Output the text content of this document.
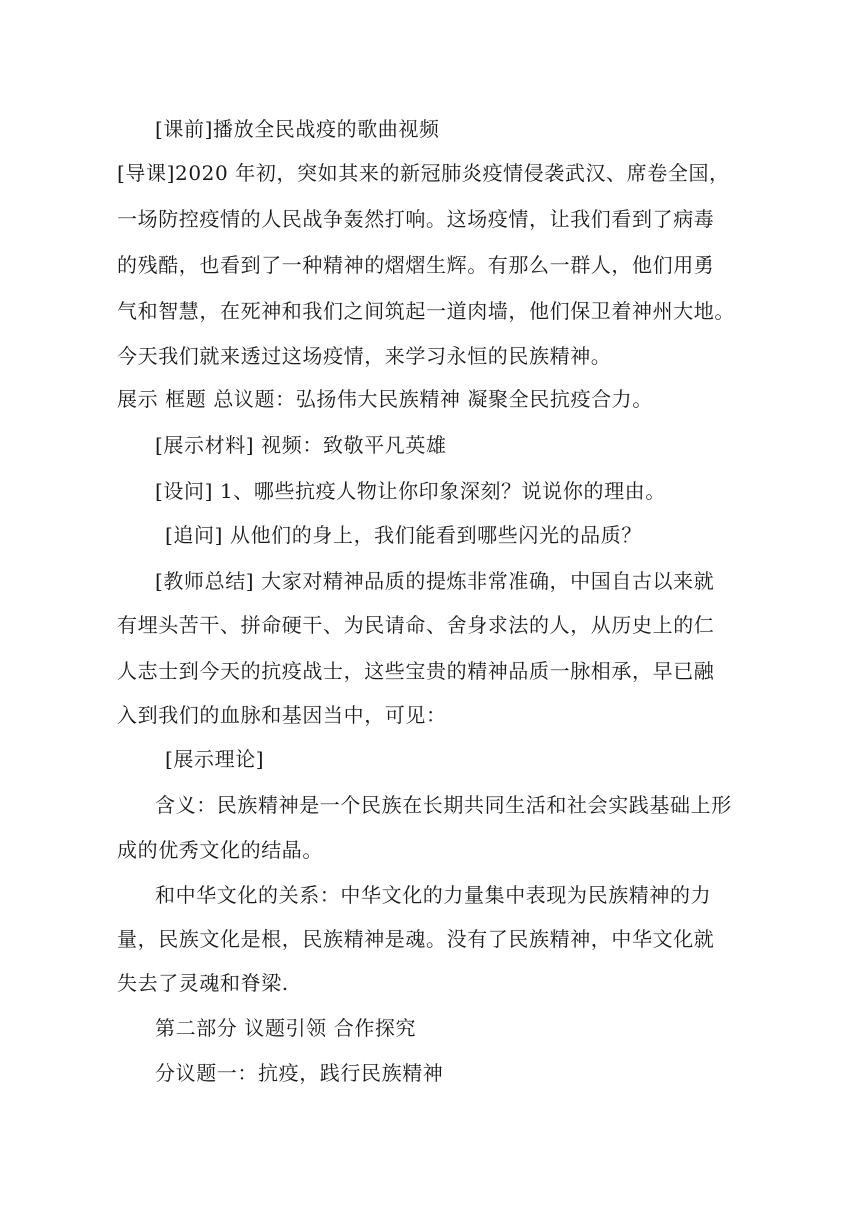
[课前]播放全民战疫的歌曲视频
[导课]2020 年初，突如其来的新冠肺炎疫情侵袭武汉、席卷全国，
一场防控疫情的人民战争轰然打响。这场疫情，让我们看到了病毒
的残酷，也看到了一种精神的熠熠生辉。有那么一群人，他们用勇
气和智慧，在死神和我们之间筑起一道肉墙，他们保卫着神州大地。
今天我们就来透过这场疫情，来学习永恒的民族精神。
展示 框题 总议题：弘扬伟大民族精神 凝聚全民抗疫合力。
[展示材料] 视频：致敬平凡英雄
[设问] 1、哪些抗疫人物让你印象深刻？说说你的理由。
[追问] 从他们的身上，我们能看到哪些闪光的品质？
[教师总结] 大家对精神品质的提炼非常准确，中国自古以来就
有埋头苦干、拼命硬干、为民请命、舍身求法的人，从历史上的仁
人志士到今天的抗疫战士，这些宝贵的精神品质一脉相承，早已融
入到我们的血脉和基因当中，可见：
[展示理论]
含义：民族精神是一个民族在长期共同生活和社会实践基础上形
成的优秀文化的结晶。
和中华文化的关系：中华文化的力量集中表现为民族精神的力
量，民族文化是根，民族精神是魂。没有了民族精神，中华文化就
失去了灵魂和脊梁.
第二部分 议题引领 合作探究
分议题一：抗疫，践行民族精神
